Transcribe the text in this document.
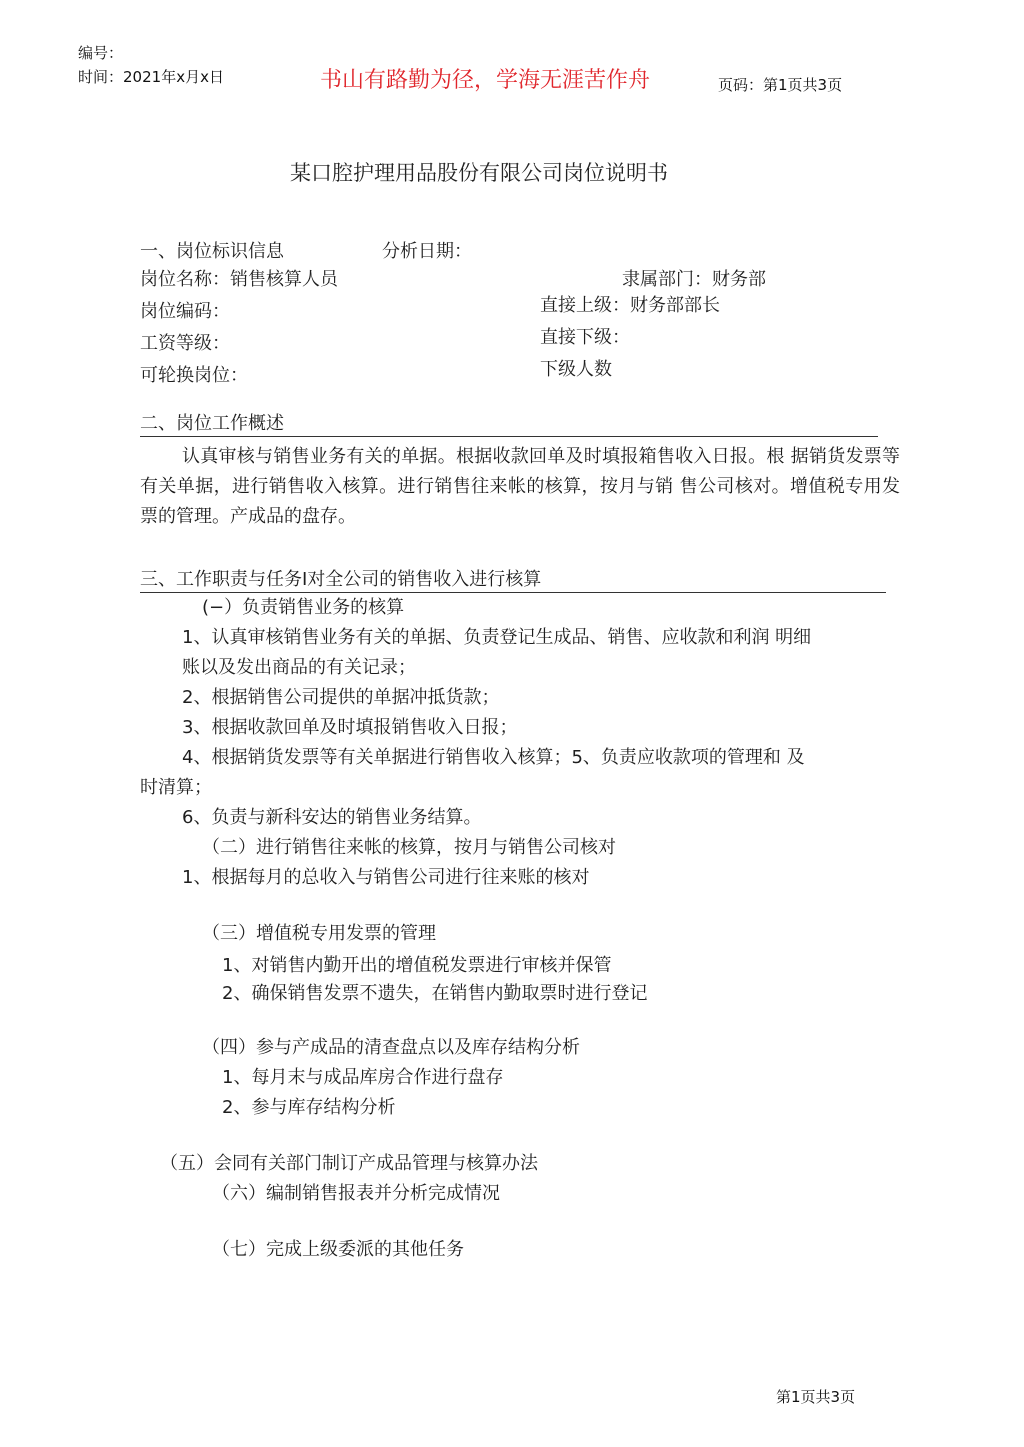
编号：
时间：2021年x月x日	书山有路勤为径，学海无涯苦作舟	页码：第1页共3页
某口腔护理用品股份有限公司岗位说明书
一、岗位标识信息	分析日期：
岗位名称：销售核算人员	隶属部门：财务部
岗位编码：	直接上级：财务部部长
工资等级：	直接下级：
可轮换岗位：	下级人数
二、岗位工作概述
认真审核与销售业务有关的单据。根据收款回单及时填报箱售收入日报。根 据销货发票等有关单据，进行销售收入核算。进行销售往来帐的核算，按月与销 售公司核对。增值税专用发票的管理。产成品的盘存。
三、工作职责与任务I对全公司的销售收入进行核算
(−）负责销售业务的核算
1、认真审核销售业务有关的单据、负责登记生成品、销售、应收款和利润 明细
账以及发出商品的有关记录；
2、根据销售公司提供的单据冲抵货款；
3、根据收款回单及时填报销售收入日报；
4、根据销货发票等有关单据进行销售收入核算；5、负责应收款项的管理和 及
时清算；
6、负责与新科安达的销售业务结算。
（二）进行销售往来帐的核算，按月与销售公司核对
1、根据每月的总收入与销售公司进行往来账的核对
（三）增值税专用发票的管理
1、对销售内勤开出的增值税发票进行审核并保管
2、确保销售发票不遗失，在销售内勤取票时进行登记
（四）参与产成品的清查盘点以及库存结构分析
1、每月末与成品库房合作进行盘存
2、参与库存结构分析
（五）会同有关部门制订产成品管理与核算办法
（六）编制销售报表并分析完成情况
（七）完成上级委派的其他任务
第1页共3页
